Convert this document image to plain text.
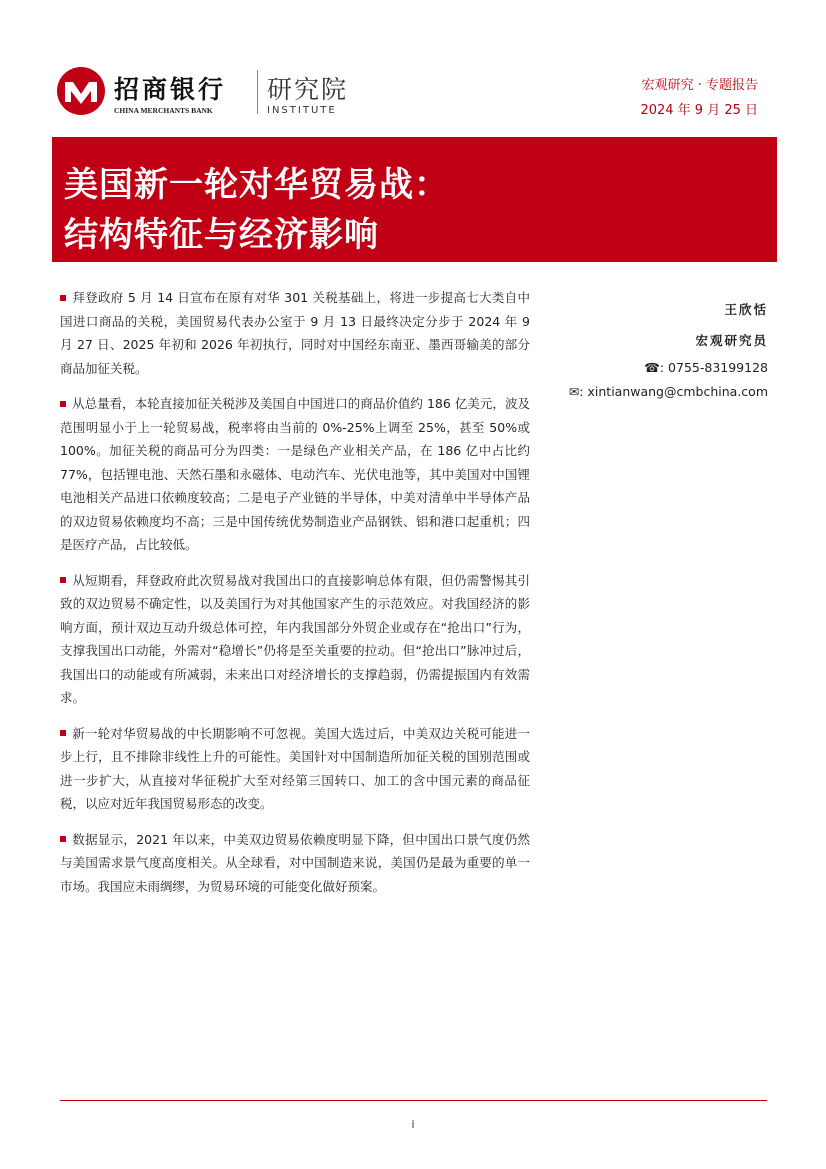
招商银行
CHINA MERCHANTS BANK
研究院
INSTITUTE
宏观研究 · 专题报告
2024 年 9 月 25 日
美国新一轮对华贸易战：
结构特征与经济影响

拜登政府 5 月 14 日宣布在原有对华 301 关税基础上，将进一步提高七大类自中国进口商品的关税，美国贸易代表办公室于 9 月 13 日最终决定分步于 2024 年 9 月 27 日、2025 年初和 2026 年初执行，同时对中国经东南亚、墨西哥输美的部分商品加征关税。

从总量看，本轮直接加征关税涉及美国自中国进口的商品价值约 186 亿美元，波及范围明显小于上一轮贸易战，税率将由当前的 0%-25%上调至 25%，甚至 50%或 100%。加征关税的商品可分为四类：一是绿色产业相关产品，在 186 亿中占比约 77%，包括锂电池、天然石墨和永磁体、电动汽车、光伏电池等，其中美国对中国锂电池相关产品进口依赖度较高；二是电子产业链的半导体，中美对清单中半导体产品的双边贸易依赖度均不高；三是中国传统优势制造业产品钢铁、铝和港口起重机；四是医疗产品，占比较低。

从短期看，拜登政府此次贸易战对我国出口的直接影响总体有限，但仍需警惕其引致的双边贸易不确定性，以及美国行为对其他国家产生的示范效应。对我国经济的影响方面，预计双边互动升级总体可控，年内我国部分外贸企业或存在“抢出口”行为，支撑我国出口动能，外需对“稳增长”仍将是至关重要的拉动。但“抢出口”脉冲过后，我国出口的动能或有所减弱，未来出口对经济增长的支撑趋弱，仍需提振国内有效需求。

新一轮对华贸易战的中长期影响不可忽视。美国大选过后，中美双边关税可能进一步上行，且不排除非线性上升的可能性。美国针对中国制造所加征关税的国别范围或进一步扩大，从直接对华征税扩大至对经第三国转口、加工的含中国元素的商品征税，以应对近年我国贸易形态的改变。

数据显示，2021 年以来，中美双边贸易依赖度明显下降，但中国出口景气度仍然与美国需求景气度高度相关。从全球看，对中国制造来说，美国仍是最为重要的单一市场。我国应未雨绸缪，为贸易环境的可能变化做好预案。

王欣恬
宏观研究员
☎: 0755-83199128
✉: xintianwang@cmbchina.com
i
